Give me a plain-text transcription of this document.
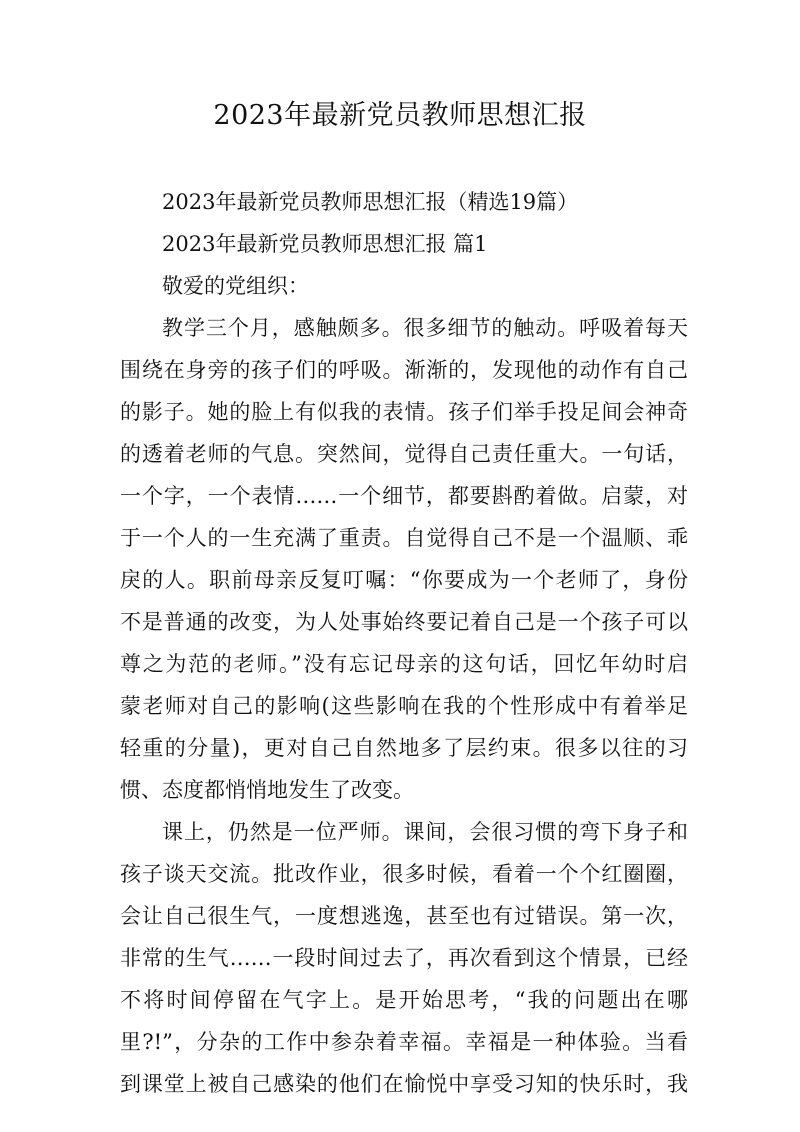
2023年最新党员教师思想汇报
2023年最新党员教师思想汇报（精选19篇）
2023年最新党员教师思想汇报 篇1
敬爱的党组织：
教学三个月，感触颇多。很多细节的触动。呼吸着每天
围绕在身旁的孩子们的呼吸。渐渐的，发现他的动作有自己
的影子。她的脸上有似我的表情。孩子们举手投足间会神奇
的透着老师的气息。突然间，觉得自己责任重大。一句话，
一个字，一个表情……一个细节，都要斟酌着做。启蒙，对
于一个人的一生充满了重责。自觉得自己不是一个温顺、乖
戾的人。职前母亲反复叮嘱：“你要成为一个老师了，身份
不是普通的改变，为人处事始终要记着自己是一个孩子可以
尊之为范的老师。”没有忘记母亲的这句话，回忆年幼时启
蒙老师对自己的影响(这些影响在我的个性形成中有着举足
轻重的分量)，更对自己自然地多了层约束。很多以往的习
惯、态度都悄悄地发生了改变。
课上，仍然是一位严师。课间，会很习惯的弯下身子和
孩子谈天交流。批改作业，很多时候，看着一个个红圈圈，
会让自己很生气，一度想逃逸，甚至也有过错误。第一次，
非常的生气……一段时间过去了，再次看到这个情景，已经
不将时间停留在气字上。是开始思考，“我的问题出在哪
里?!”，分杂的工作中参杂着幸福。幸福是一种体验。当看
到课堂上被自己感染的他们在愉悦中享受习知的快乐时，我
